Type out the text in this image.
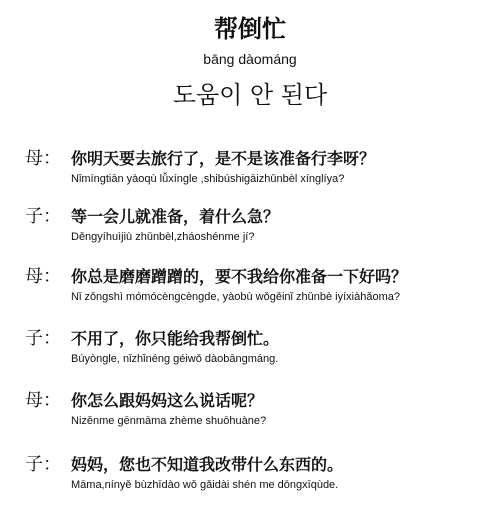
帮倒忙
bāng dàománg
도움이 안 된다
母： 你明天要去旅行了，是不是该准备行李呀？
Nǐmíngtiān yàoqù lǚxíngle ,shibúshigāizhǔnbèl xínglíya?
子： 等一会儿就准备，着什么急？
Děngyíhuìjiù zhǔnbèl,zháoshénme jí?
母： 你总是磨磨蹭蹭的，要不我给你准备一下好吗？
Nǐ zǒngshì mómócèngcèngde, yàobù wǒgěinǐ zhǔnbè iyíxiàhǎoma?
子： 不用了，你只能给我帮倒忙。
Búyòngle, nǐzhǐnéng géiwǒ dàobāngmáng.
母： 你怎么跟妈妈这么说话呢？
Nizěnme gēnmāma zhème shuōhuàne?
子： 妈妈，您也不知道我改带什么东西的。
Māma,nínyě bùzhīdào wǒ gǎidài shén me dōngxīqùde.
